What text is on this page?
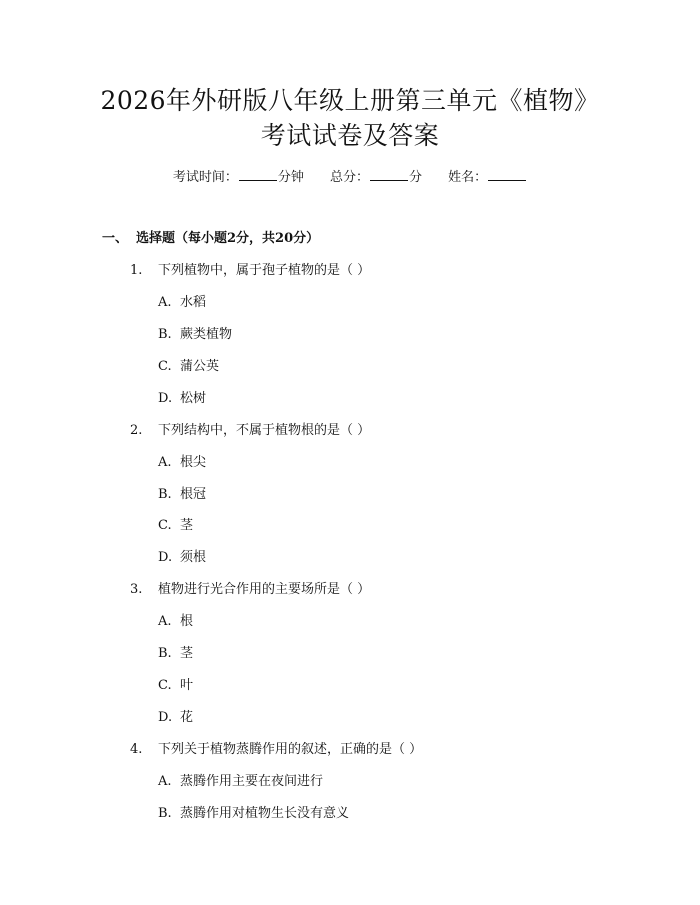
2026年外研版八年级上册第三单元《植物》
考试试卷及答案
考试时间：	分钟 总分：	分 姓名：
一、 选择题（每小题2分，共20分）
1. 下列植物中，属于孢子植物的是（ ）
A. 水稻
B. 蕨类植物
C. 蒲公英
D. 松树
2. 下列结构中，不属于植物根的是（ ）
A. 根尖
B. 根冠
C. 茎
D. 须根
3. 植物进行光合作用的主要场所是（ ）
A. 根
B. 茎
C. 叶
D. 花
4. 下列关于植物蒸腾作用的叙述，正确的是（ ）
A. 蒸腾作用主要在夜间进行
B. 蒸腾作用对植物生长没有意义
